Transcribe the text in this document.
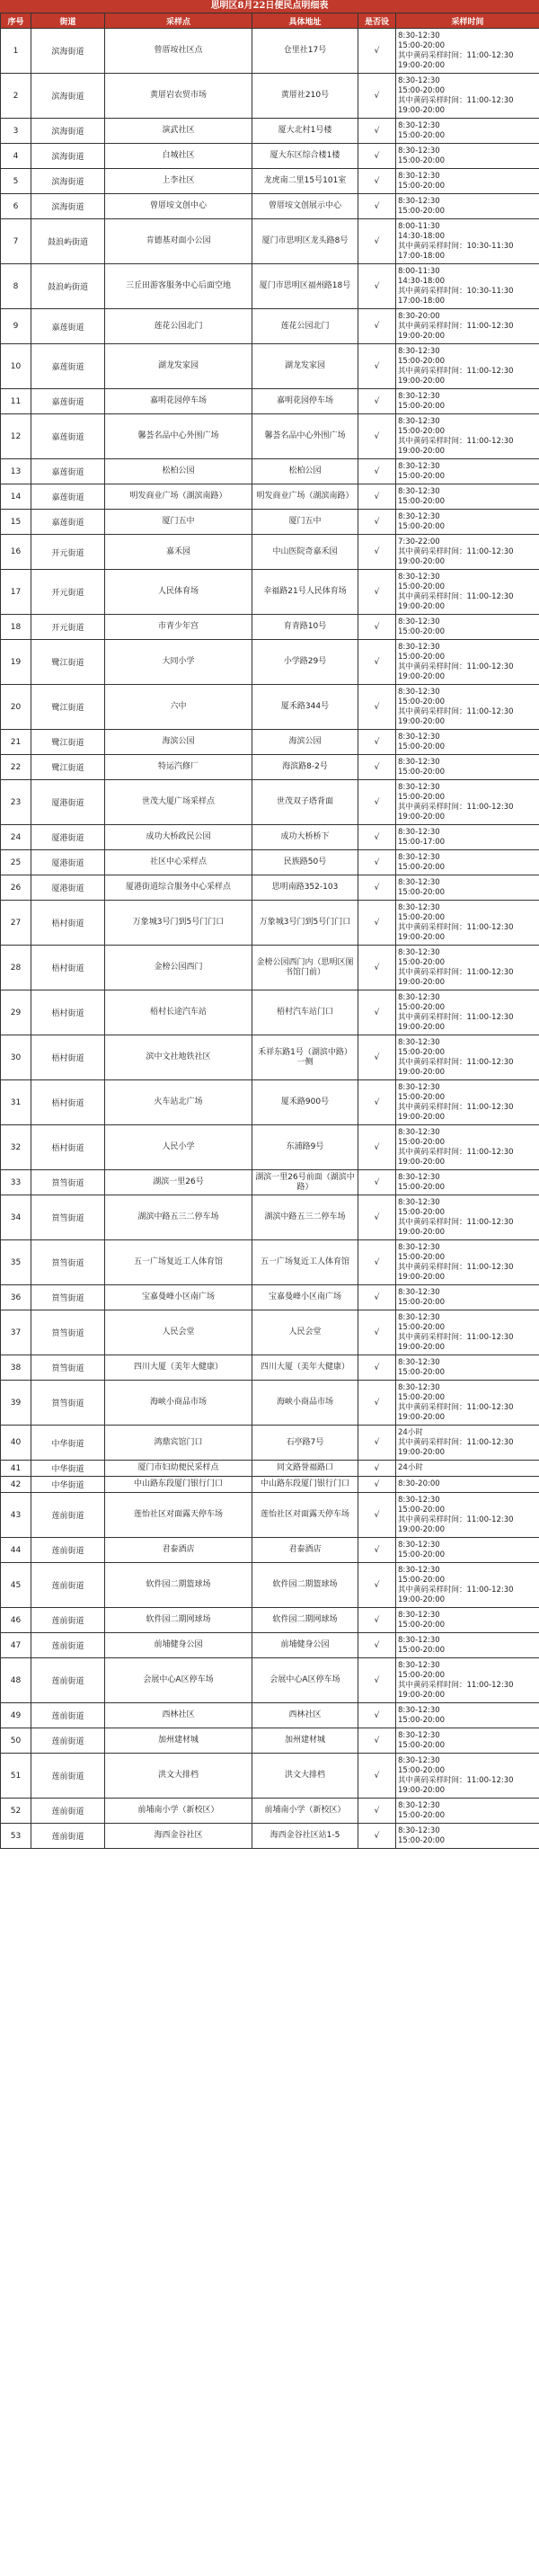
思明区8月22日便民点明细表
序号	街道	采样点	具体地址	是否设	采样时间
1	滨海街道	曾厝垵社区点	仓里社17号	√	8:30-12:30
15:00-20:00
其中黄码采样时间：11:00-12:30 19:00-20:00
2	滨海街道	黄厝岩农贸市场	黄厝社210号	√	8:30-12:30
15:00-20:00
其中黄码采样时间：11:00-12:30 19:00-20:00
3	滨海街道	演武社区	厦大北村1号楼	√	8:30-12:30
15:00-20:00
4	滨海街道	白城社区	厦大东区综合楼1楼	√	8:30-12:30
15:00-20:00
5	滨海街道	上李社区	龙虎南二里15号101室	√	8:30-12:30
15:00-20:00
6	滨海街道	曾厝垵文创中心	曾厝垵文创展示中心	√	8:30-12:30
15:00-20:00
7	鼓浪屿街道	肯德基对面小公园	厦门市思明区龙头路8号	√	8:00-11:30
14:30-18:00
其中黄码采样时间：10:30-11:30 17:00-18:00
8	鼓浪屿街道	三丘田游客服务中心后面空地	厦门市思明区福州路18号	√	8:00-11:30
14:30-18:00
其中黄码采样时间：10:30-11:30 17:00-18:00
9	嘉莲街道	莲花公园北门	莲花公园北门	√	8:30-20:00
其中黄码采样时间：11:00-12:30 19:00-20:00
10	嘉莲街道	湖龙发家园	湖龙发家园	√	8:30-12:30
15:00-20:00
其中黄码采样时间：11:00-12:30 19:00-20:00
11	嘉莲街道	嘉明花园停车场	嘉明花园停车场	√	8:30-12:30
15:00-20:00
12	嘉莲街道	馨荟名品中心外围广场	馨荟名品中心外围广场	√	8:30-12:30
15:00-20:00
其中黄码采样时间：11:00-12:30 19:00-20:00
13	嘉莲街道	松柏公园	松柏公园	√	8:30-12:30
15:00-20:00
14	嘉莲街道	明发商业广场（湖滨南路）	明发商业广场（湖滨南路）	√	8:30-12:30
15:00-20:00
15	嘉莲街道	厦门五中	厦门五中	√	8:30-12:30
15:00-20:00
16	开元街道	嘉禾园	中山医院奇嘉禾园	√	7:30-22:00
其中黄码采样时间：11:00-12:30 19:00-20:00
17	开元街道	人民体育场	幸福路21号人民体育场	√	8:30-12:30
15:00-20:00
其中黄码采样时间：11:00-12:30 19:00-20:00
18	开元街道	市青少年宫	育青路10号	√	8:30-12:30
15:00-20:00
19	鹭江街道	大同小学	小学路29号	√	8:30-12:30
15:00-20:00
其中黄码采样时间：11:00-12:30 19:00-20:00
20	鹭江街道	六中	厦禾路344号	√	8:30-12:30
15:00-20:00
其中黄码采样时间：11:00-12:30 19:00-20:00
21	鹭江街道	海滨公园	海滨公园	√	8:30-12:30
15:00-20:00
22	鹭江街道	特运汽修厂	海滨路8-2号	√	8:30-12:30
15:00-20:00
23	厦港街道	世茂大厦广场采样点	世茂双子塔背面	√	8:30-12:30
15:00-20:00
其中黄码采样时间：11:00-12:30 19:00-20:00
24	厦港街道	成功大桥政民公园	成功大桥桥下	√	8:30-12:30
15:00-17:00
25	厦港街道	社区中心采样点	民族路50号	√	8:30-12:30
15:00-20:00
26	厦港街道	厦港街道综合服务中心采样点	思明南路352-103	√	8:30-12:30
15:00-20:00
27	梧村街道	万象城3号门到5号门门口	万象城3号门到5号门门口	√	8:30-12:30
15:00-20:00
其中黄码采样时间：11:00-12:30 19:00-20:00
28	梧村街道	金榜公园西门	金榜公园西门内（思明区图书馆门前）	√	8:30-12:30
15:00-20:00
其中黄码采样时间：11:00-12:30 19:00-20:00
29	梧村街道	梧村长途汽车站	梧村汽车站门口	√	8:30-12:30
15:00-20:00
其中黄码采样时间：11:00-12:30 19:00-20:00
30	梧村街道	滨中文社地铁社区	禾祥东路1号（湖滨中路）一侧	√	8:30-12:30
15:00-20:00
其中黄码采样时间：11:00-12:30 19:00-20:00
31	梧村街道	火车站北广场	厦禾路900号	√	8:30-12:30
15:00-20:00
其中黄码采样时间：11:00-12:30 19:00-20:00
32	梧村街道	人民小学	东浦路9号	√	8:30-12:30
15:00-20:00
其中黄码采样时间：11:00-12:30 19:00-20:00
33	筼筜街道	湖滨一里26号	湖滨一里26号前面（湖滨中路）	√	8:30-12:30
15:00-20:00
34	筼筜街道	湖滨中路五三二停车场	湖滨中路五三二停车场	√	8:30-12:30
15:00-20:00
其中黄码采样时间：11:00-12:30 19:00-20:00
35	筼筜街道	五一广场复近工人体育馆	五一广场复近工人体育馆	√	8:30-12:30
15:00-20:00
其中黄码采样时间：11:00-12:30 19:00-20:00
36	筼筜街道	宝嘉曼峰小区南广场	宝嘉曼峰小区南广场	√	8:30-12:30
15:00-20:00
37	筼筜街道	人民会堂	人民会堂	√	8:30-12:30
15:00-20:00
其中黄码采样时间：11:00-12:30 19:00-20:00
38	筼筜街道	四川大厦（美年大健康）	四川大厦（美年大健康）	√	8:30-12:30
15:00-20:00
39	筼筜街道	海峡小商品市场	海峡小商品市场	√	8:30-12:30
15:00-20:00
其中黄码采样时间：11:00-12:30 19:00-20:00
40	中华街道	鸿鼎宾馆门口	石亭路7号	√	24小时
其中黄码采样时间：11:00-12:30 19:00-20:00
41	中华街道	厦门市妇幼便民采样点	同文路誉福路口	√	24小时
42	中华街道	中山路东段厦门银行门口	中山路东段厦门银行门口	√	8:30-20:00
43	莲前街道	莲怡社区对面露天停车场	莲怡社区对面露天停车场	√	8:30-12:30
15:00-20:00
其中黄码采样时间：11:00-12:30 19:00-20:00
44	莲前街道	君泰酒店	君泰酒店	√	8:30-12:30
15:00-20:00
45	莲前街道	软件园二期篮球场	软件园二期篮球场	√	8:30-12:30
15:00-20:00
其中黄码采样时间：11:00-12:30 19:00-20:00
46	莲前街道	软件园二期网球场	软件园二期网球场	√	8:30-12:30
15:00-20:00
47	莲前街道	前埔健身公园	前埔健身公园	√	8:30-12:30
15:00-20:00
48	莲前街道	会展中心A区停车场	会展中心A区停车场	√	8:30-12:30
15:00-20:00
其中黄码采样时间：11:00-12:30 19:00-20:00
49	莲前街道	西林社区	西林社区	√	8:30-12:30
15:00-20:00
50	莲前街道	加州建材城	加州建材城	√	8:30-12:30
15:00-20:00
51	莲前街道	洪文大排档	洪文大排档	√	8:30-12:30
15:00-20:00
其中黄码采样时间：11:00-12:30 19:00-20:00
52	莲前街道	前埔南小学（新校区）	前埔南小学（新校区）	√	8:30-12:30
15:00-20:00
53	莲前街道	海西金谷社区	海西金谷社区站1-5	√	8:30-12:30
15:00-20:00
